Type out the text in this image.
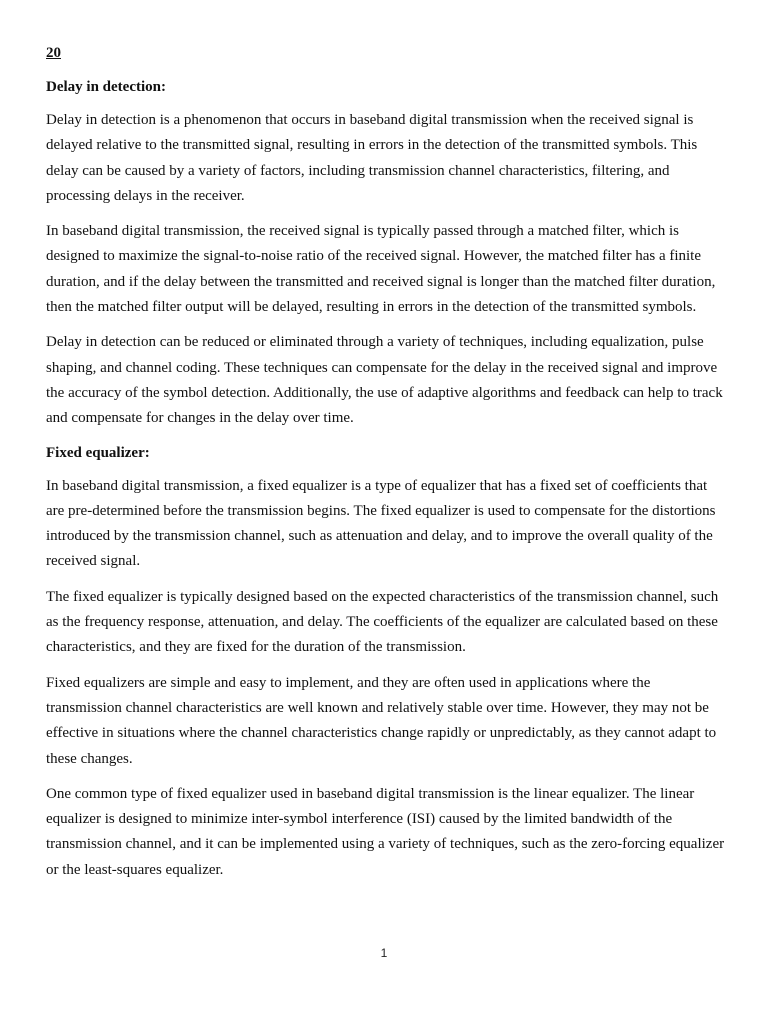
20
Delay in detection:

Delay in detection is a phenomenon that occurs in baseband digital transmission when the received signal is delayed relative to the transmitted signal, resulting in errors in the detection of the transmitted symbols. This delay can be caused by a variety of factors, including transmission channel characteristics, filtering, and processing delays in the receiver.

In baseband digital transmission, the received signal is typically passed through a matched filter, which is designed to maximize the signal-to-noise ratio of the received signal. However, the matched filter has a finite duration, and if the delay between the transmitted and received signal is longer than the matched filter duration, then the matched filter output will be delayed, resulting in errors in the detection of the transmitted symbols.

Delay in detection can be reduced or eliminated through a variety of techniques, including equalization, pulse shaping, and channel coding. These techniques can compensate for the delay in the received signal and improve the accuracy of the symbol detection. Additionally, the use of adaptive algorithms and feedback can help to track and compensate for changes in the delay over time.

Fixed equalizer:

In baseband digital transmission, a fixed equalizer is a type of equalizer that has a fixed set of coefficients that are pre-determined before the transmission begins. The fixed equalizer is used to compensate for the distortions introduced by the transmission channel, such as attenuation and delay, and to improve the overall quality of the received signal.

The fixed equalizer is typically designed based on the expected characteristics of the transmission channel, such as the frequency response, attenuation, and delay. The coefficients of the equalizer are calculated based on these characteristics, and they are fixed for the duration of the transmission.

Fixed equalizers are simple and easy to implement, and they are often used in applications where the transmission channel characteristics are well known and relatively stable over time. However, they may not be effective in situations where the channel characteristics change rapidly or unpredictably, as they cannot adapt to these changes.

One common type of fixed equalizer used in baseband digital transmission is the linear equalizer. The linear equalizer is designed to minimize inter-symbol interference (ISI) caused by the limited bandwidth of the transmission channel, and it can be implemented using a variety of techniques, such as the zero-forcing equalizer or the least-squares equalizer.

1
